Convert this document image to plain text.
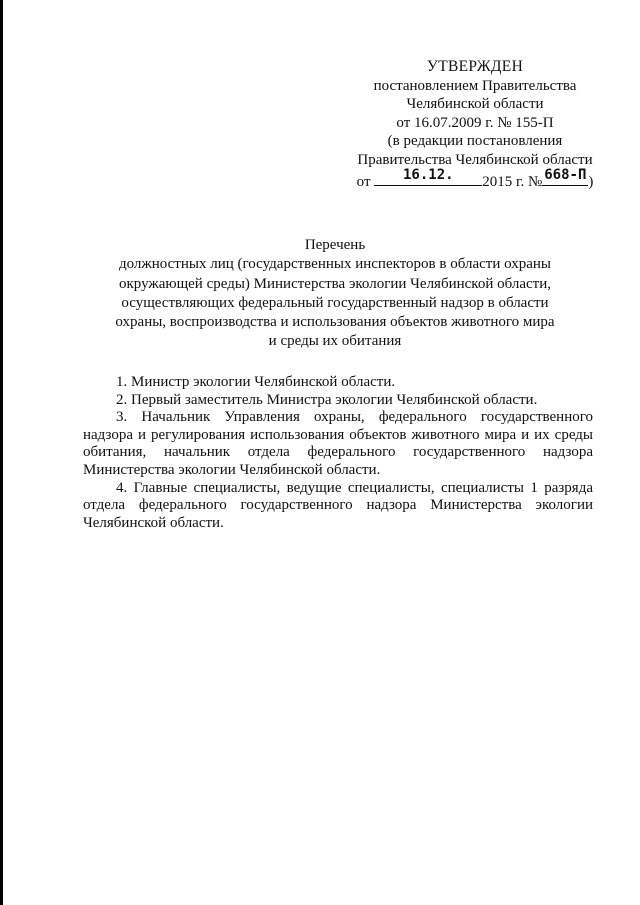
УТВЕРЖДЕН
постановлением Правительства
Челябинской области
от 16.07.2009 г. № 155-П
(в редакции постановления
Правительства Челябинской области
от	16.12.	2015 г. № 668-П )
Перечень
должностных лиц (государственных инспекторов в области охраны
окружающей среды) Министерства экологии Челябинской области,
осуществляющих федеральный государственный надзор в области
охраны, воспроизводства и использования объектов животного мира
и среды их обитания

1. Министр экологии Челябинской области.

2. Первый заместитель Министра экологии Челябинской области.

3. Начальник Управления охраны, федерального государственного надзора и регулирования использования объектов животного мира и их среды обитания, начальник отдела федерального государственного надзора Министерства экологии Челябинской области.

4. Главные специалисты, ведущие специалисты, специалисты 1 разряда отдела федерального государственного надзора Министерства экологии Челябинской области.
